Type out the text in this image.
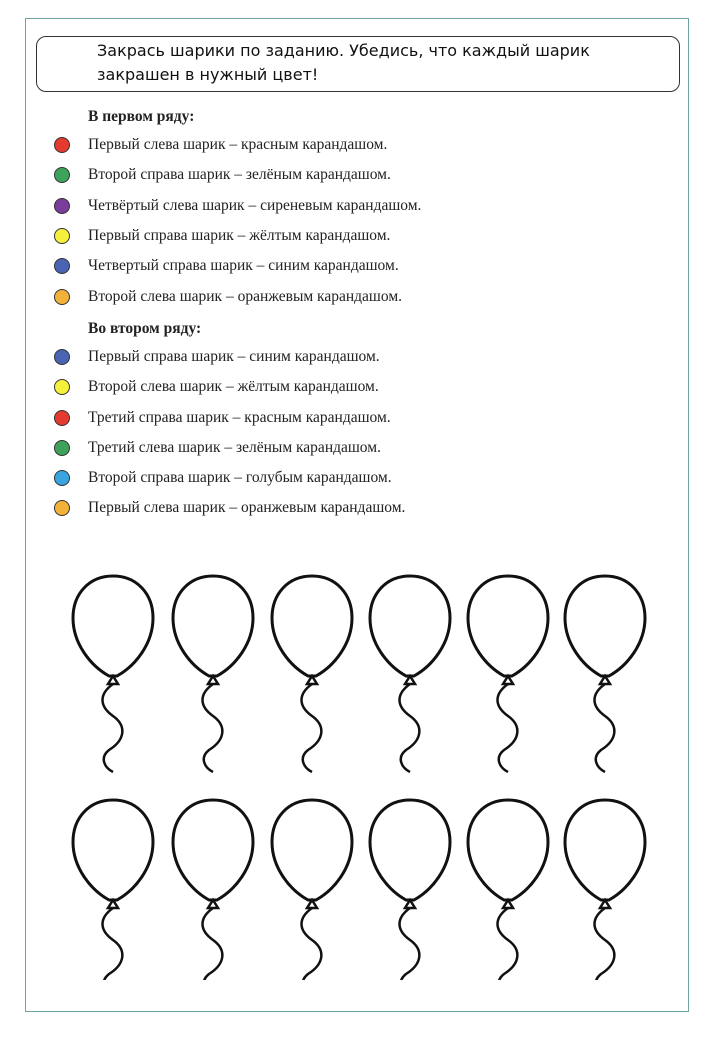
Закрась шарики по заданию. Убедись, что каждый шарик
закрашен в нужный цвет!
В первом ряду:
Первый слева шарик – красным карандашом.
Второй справа шарик – зелёным карандашом.
Четвёртый слева шарик – сиреневым карандашом.
Первый справа шарик – жёлтым карандашом.
Четвертый справа шарик – синим карандашом.
Второй слева шарик – оранжевым карандашом.
Во втором ряду:
Первый справа шарик – синим карандашом.
Второй слева шарик – жёлтым карандашом.
Третий справа шарик – красным карандашом.
Третий слева шарик – зелёным карандашом.
Второй справа шарик – голубым карандашом.
Первый слева шарик – оранжевым карандашом.
